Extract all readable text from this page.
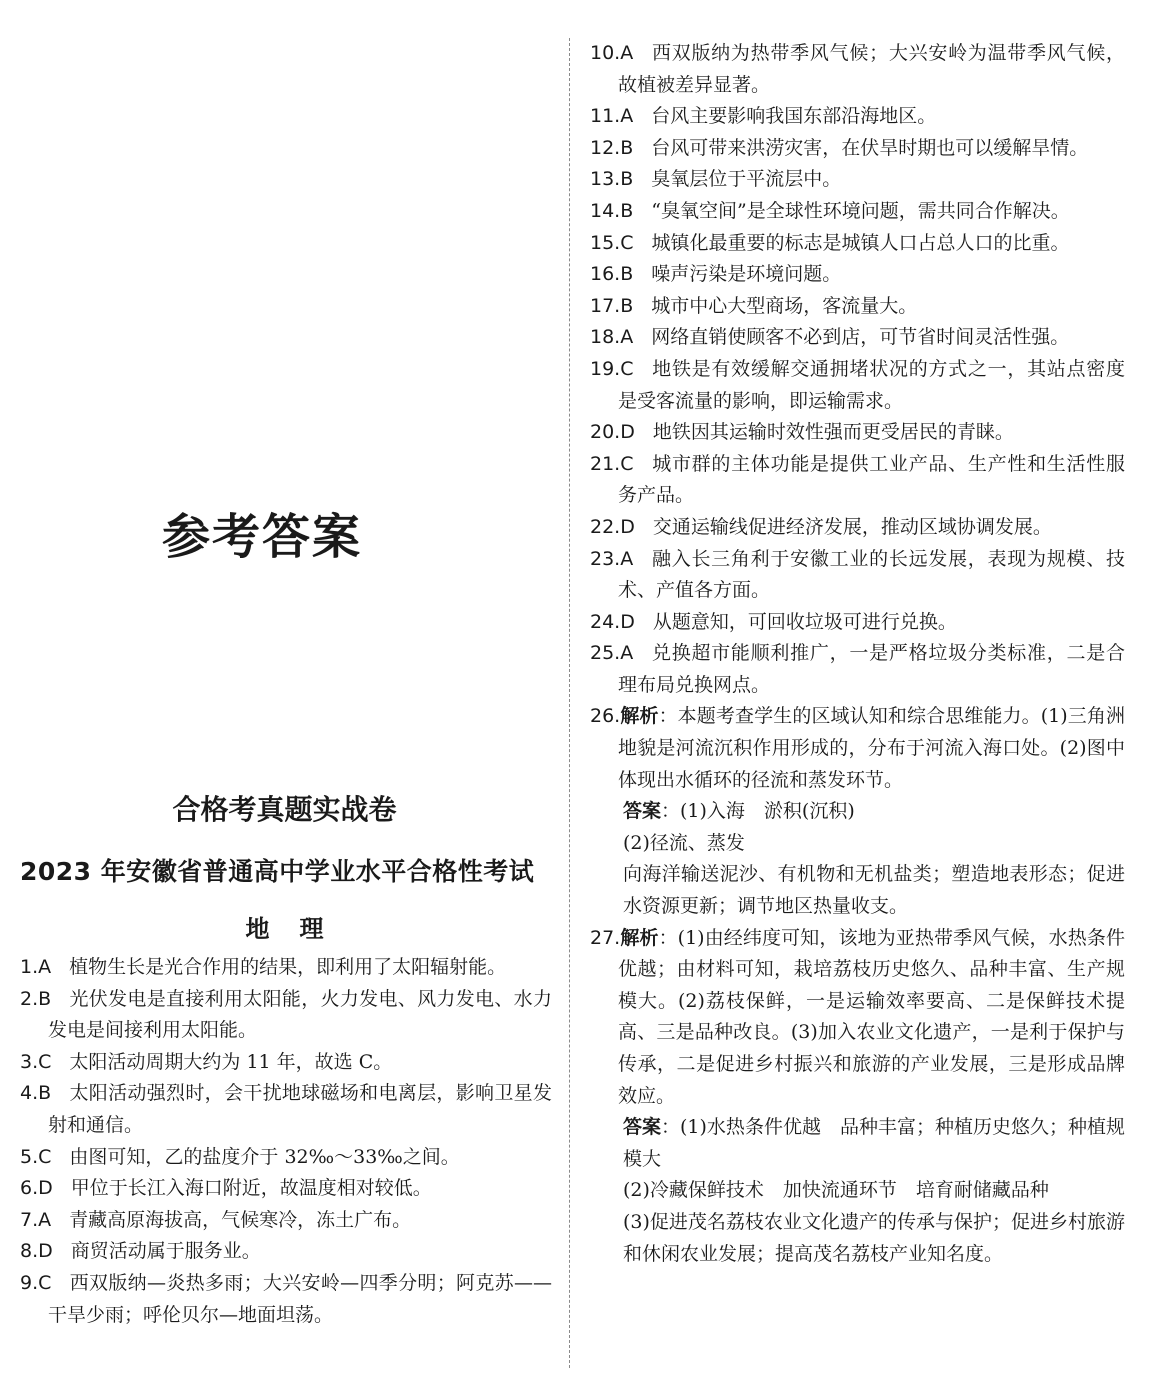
参考答案
合格考真题实战卷
2023 年安徽省普通高中学业水平合格性考试
地理

1.A 植物生长是光合作用的结果，即利用了太阳辐射能。

2.B 光伏发电是直接利用太阳能，火力发电、风力发电、水力发电是间接利用太阳能。

3.C 太阳活动周期大约为 11 年，故选 C。

4.B 太阳活动强烈时，会干扰地球磁场和电离层，影响卫星发射和通信。

5.C 由图可知，乙的盐度介于 32‰～33‰之间。

6.D 甲位于长江入海口附近，故温度相对较低。

7.A 青藏高原海拔高，气候寒冷，冻土广布。

8.D 商贸活动属于服务业。

9.C 西双版纳—炎热多雨；大兴安岭—四季分明；阿克苏——干旱少雨；呼伦贝尔—地面坦荡。

10.A 西双版纳为热带季风气候；大兴安岭为温带季风气候，故植被差异显著。

11.A 台风主要影响我国东部沿海地区。

12.B 台风可带来洪涝灾害，在伏旱时期也可以缓解旱情。

13.B 臭氧层位于平流层中。

14.B “臭氧空间”是全球性环境问题，需共同合作解决。

15.C 城镇化最重要的标志是城镇人口占总人口的比重。

16.B 噪声污染是环境问题。

17.B 城市中心大型商场，客流量大。

18.A 网络直销使顾客不必到店，可节省时间灵活性强。

19.C 地铁是有效缓解交通拥堵状况的方式之一，其站点密度是受客流量的影响，即运输需求。

20.D 地铁因其运输时效性强而更受居民的青睐。

21.C 城市群的主体功能是提供工业产品、生产性和生活性服务产品。

22.D 交通运输线促进经济发展，推动区域协调发展。

23.A 融入长三角利于安徽工业的长远发展，表现为规模、技术、产值各方面。

24.D 从题意知，可回收垃圾可进行兑换。

25.A 兑换超市能顺利推广，一是严格垃圾分类标准，二是合理布局兑换网点。

26.解析：本题考查学生的区域认知和综合思维能力。(1)三角洲地貌是河流沉积作用形成的，分布于河流入海口处。(2)图中体现出水循环的径流和蒸发环节。

答案：(1)入海　淤积(沉积)

(2)径流、蒸发

向海洋输送泥沙、有机物和无机盐类；塑造地表形态；促进水资源更新；调节地区热量收支。

27.解析：(1)由经纬度可知，该地为亚热带季风气候，水热条件优越；由材料可知，栽培荔枝历史悠久、品种丰富、生产规模大。(2)荔枝保鲜，一是运输效率要高、二是保鲜技术提高、三是品种改良。(3)加入农业文化遗产，一是利于保护与传承，二是促进乡村振兴和旅游的产业发展，三是形成品牌效应。

答案：(1)水热条件优越　品种丰富；种植历史悠久；种植规模大

(2)冷藏保鲜技术　加快流通环节　培育耐储藏品种

(3)促进茂名荔枝农业文化遗产的传承与保护；促进乡村旅游和休闲农业发展；提高茂名荔枝产业知名度。
